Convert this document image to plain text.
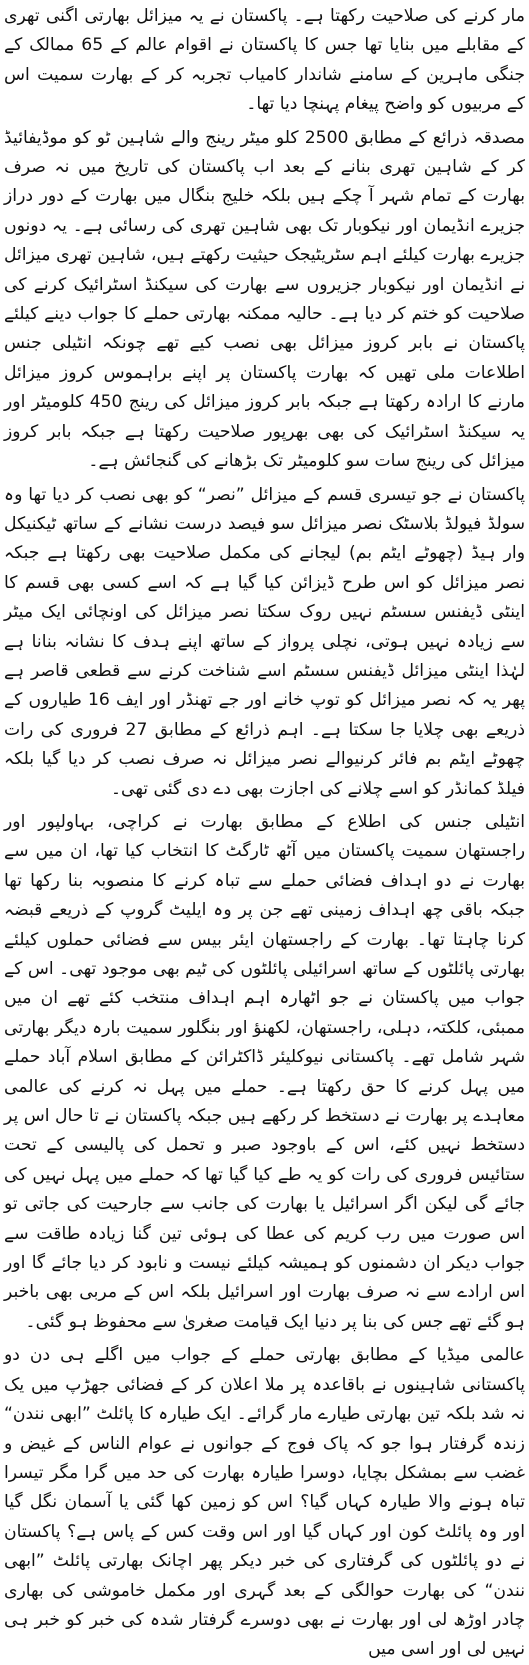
مار کرنے کی صلاحیت رکھتا ہے۔ پاکستان نے یہ میزائل بھارتی اگنی تھری کے مقابلے میں بنایا تھا جس کا پاکستان نے اقوام عالم کے 65 ممالک کے جنگی ماہرین کے سامنے شاندار کامیاب تجربہ کر کے بھارت سمیت اس کے مربیوں کو واضح پیغام پہنچا دیا تھا۔

مصدقہ ذرائع کے مطابق 2500 کلو میٹر رینج والے شاہین ٹو کو موڈیفائیڈ کر کے شاہین تھری بنانے کے بعد اب پاکستان کی تاریخ میں نہ صرف بھارت کے تمام شہر آ چکے ہیں بلکہ خلیج بنگال میں بھارت کے دور دراز جزیرے انڈیمان اور نیکوبار تک بھی شاہین تھری کی رسائی ہے۔ یہ دونوں جزیرے بھارت کیلئے اہم سٹریٹیجک حیثیت رکھتے ہیں، شاہین تھری میزائل نے انڈیمان اور نیکوبار جزیروں سے بھارت کی سیکنڈ اسٹرائیک کرنے کی صلاحیت کو ختم کر دیا ہے۔ حالیہ ممکنہ بھارتی حملے کا جواب دینے کیلئے پاکستان نے بابر کروز میزائل بھی نصب کیے تھے چونکہ انٹیلی جنس اطلاعات ملی تھیں کہ بھارت پاکستان پر اپنے براہموس کروز میزائل مارنے کا ارادہ رکھتا ہے جبکہ بابر کروز میزائل کی رینج 450 کلومیٹر اور یہ سیکنڈ اسٹرائیک کی بھی بھرپور صلاحیت رکھتا ہے جبکہ بابر کروز میزائل کی رینج سات سو کلومیٹر تک بڑھانے کی گنجائش ہے۔

پاکستان نے جو تیسری قسم کے میزائل ”نصر“ کو بھی نصب کر دیا تھا وہ سولڈ فیولڈ بلاسٹک نصر میزائل سو فیصد درست نشانے کے ساتھ ٹیکنیکل وار ہیڈ (چھوٹے ایٹم بم) لیجانے کی مکمل صلاحیت بھی رکھتا ہے جبکہ نصر میزائل کو اس طرح ڈیزائن کیا گیا ہے کہ اسے کسی بھی قسم کا اینٹی ڈیفنس سسٹم نہیں روک سکتا نصر میزائل کی اونچائی ایک میٹر سے زیادہ نہیں ہوتی، نچلی پرواز کے ساتھ اپنے ہدف کا نشانہ بنانا ہے لہٰذا اینٹی میزائل ڈیفنس سسٹم اسے شناخت کرنے سے قطعی قاصر ہے پھر یہ کہ نصر میزائل کو توپ خانے اور جے تھنڈر اور ایف 16 طیاروں کے ذریعے بھی چلایا جا سکتا ہے۔ اہم ذرائع کے مطابق 27 فروری کی رات چھوٹے ایٹم بم فائر کرنیوالے نصر میزائل نہ صرف نصب کر دیا گیا بلکہ فیلڈ کمانڈر کو اسے چلانے کی اجازت بھی دے دی گئی تھی۔

انٹیلی جنس کی اطلاع کے مطابق بھارت نے کراچی، بہاولپور اور راجستھان سمیت پاکستان میں آٹھ ٹارگٹ کا انتخاب کیا تھا، ان میں سے بھارت نے دو اہداف فضائی حملے سے تباہ کرنے کا منصوبہ بنا رکھا تھا جبکہ باقی چھ اہداف زمینی تھے جن پر وہ ایلیٹ گروپ کے ذریعے قبضہ کرنا چاہتا تھا۔ بھارت کے راجستھان ایئر بیس سے فضائی حملوں کیلئے بھارتی پائلٹوں کے ساتھ اسرائیلی پائلٹوں کی ٹیم بھی موجود تھی۔ اس کے جواب میں پاکستان نے جو اٹھارہ اہم اہداف منتخب کئے تھے ان میں ممبئی، کلکتہ، دہلی، راجستھان، لکھنؤ اور بنگلور سمیت بارہ دیگر بھارتی شہر شامل تھے۔ پاکستانی نیوکلیئر ڈاکٹرائن کے مطابق اسلام آباد حملے میں پہل کرنے کا حق رکھتا ہے۔ حملے میں پہل نہ کرنے کی عالمی معاہدے پر بھارت نے دستخط کر رکھے ہیں جبکہ پاکستان نے تا حال اس پر دستخط نہیں کئے، اس کے باوجود صبر و تحمل کی پالیسی کے تحت ستائیس فروری کی رات کو یہ طے کیا گیا تھا کہ حملے میں پہل نہیں کی جائے گی لیکن اگر اسرائیل یا بھارت کی جانب سے جارحیت کی جاتی تو اس صورت میں رب کریم کی عطا کی ہوئی تین گنا زیادہ طاقت سے جواب دیکر ان دشمنوں کو ہمیشہ کیلئے نیست و نابود کر دیا جائے گا اور اس ارادے سے نہ صرف بھارت اور اسرائیل بلکہ اس کے مربی بھی باخبر ہو گئے تھے جس کی بنا پر دنیا ایک قیامت صغریٰ سے محفوظ ہو گئی۔

عالمی میڈیا کے مطابق بھارتی حملے کے جواب میں اگلے ہی دن دو پاکستانی شاہینوں نے باقاعدہ پر ملا اعلان کر کے فضائی جھڑپ میں یک نہ شد بلکہ تین بھارتی طیارے مار گرائے۔ ایک طیارہ کا پائلٹ ”ابھی نندن“ زندہ گرفتار ہوا جو کہ پاک فوج کے جوانوں نے عوام الناس کے غیض و غضب سے بمشکل بچایا، دوسرا طیارہ بھارت کی حد میں گرا مگر تیسرا تباہ ہونے والا طیارہ کہاں گیا؟ اس کو زمین کھا گئی یا آسمان نگل گیا اور وہ پائلٹ کون اور کہاں گیا اور اس وقت کس کے پاس ہے؟ پاکستان نے دو پائلٹوں کی گرفتاری کی خبر دیکر پھر اچانک بھارتی پائلٹ ”ابھی نندن“ کی بھارت حوالگی کے بعد گہری اور مکمل خاموشی کی بھاری چادر اوڑھ لی اور بھارت نے بھی دوسرے گرفتار شدہ کی خبر کو خبر ہی نہیں لی اور اسی میں
